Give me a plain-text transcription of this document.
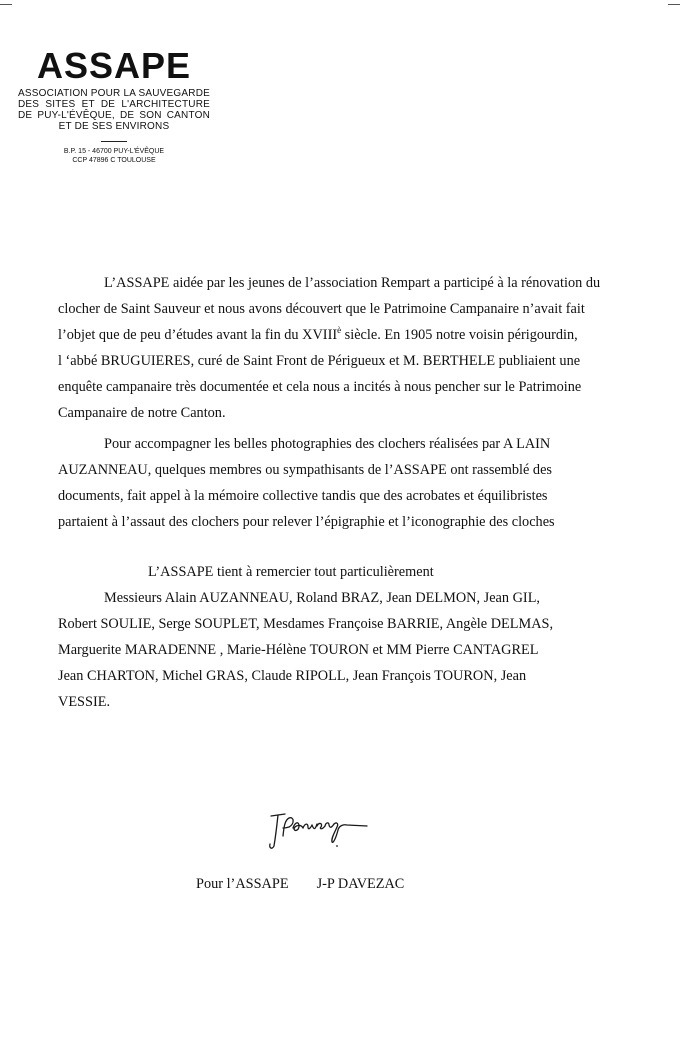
ASSAPE

ASSOCIATION POUR LA SAUVEGARDE

DES SITES ET DE L'ARCHITECTURE

DE PUY-L'ÉVÊQUE, DE SON CANTON

ET DE SES ENVIRONS

B.P. 15 - 46700 PUY-L'ÉVÊQUE

CCP 47896 C TOULOUSE

L’ASSAPE aidée par les jeunes de l’association Rempart a participé à la rénovation du
clocher de Saint Sauveur et nous avons découvert que le Patrimoine Campanaire n’avait fait
l’objet que de peu d’études avant la fin du $XVIII^è$ siècle. En 1905 notre voisin périgourdin,
l ‘abbé BRUGUIERES, curé de Saint Front de Périgueux et M. BERTHELE publiaient une
enquête campanaire très documentée et cela nous a incités à nous pencher sur le Patrimoine
Campanaire de notre Canton.

Pour accompagner les belles photographies des clochers réalisées par A LAIN
AUZANNEAU, quelques membres ou sympathisants de l’ASSAPE ont rassemblé des
documents, fait appel à la mémoire collective tandis que des acrobates et équilibristes
partaient à l’assaut des clochers pour relever l’épigraphie et l’iconographie des cloches

L’ASSAPE tient à remercier tout particulièrement
Messieurs Alain AUZANNEAU, Roland BRAZ, Jean DELMON, Jean GIL,
Robert SOULIE, Serge SOUPLET, Mesdames Françoise BARRIE, Angèle DELMAS,
Marguerite MARADENNE , Marie-Hélène TOURON et MM Pierre CANTAGREL
Jean CHARTON, Michel GRAS, Claude RIPOLL, Jean François TOURON, Jean
VESSIE.

Pour l’ASSAPE J-P DAVEZAC
